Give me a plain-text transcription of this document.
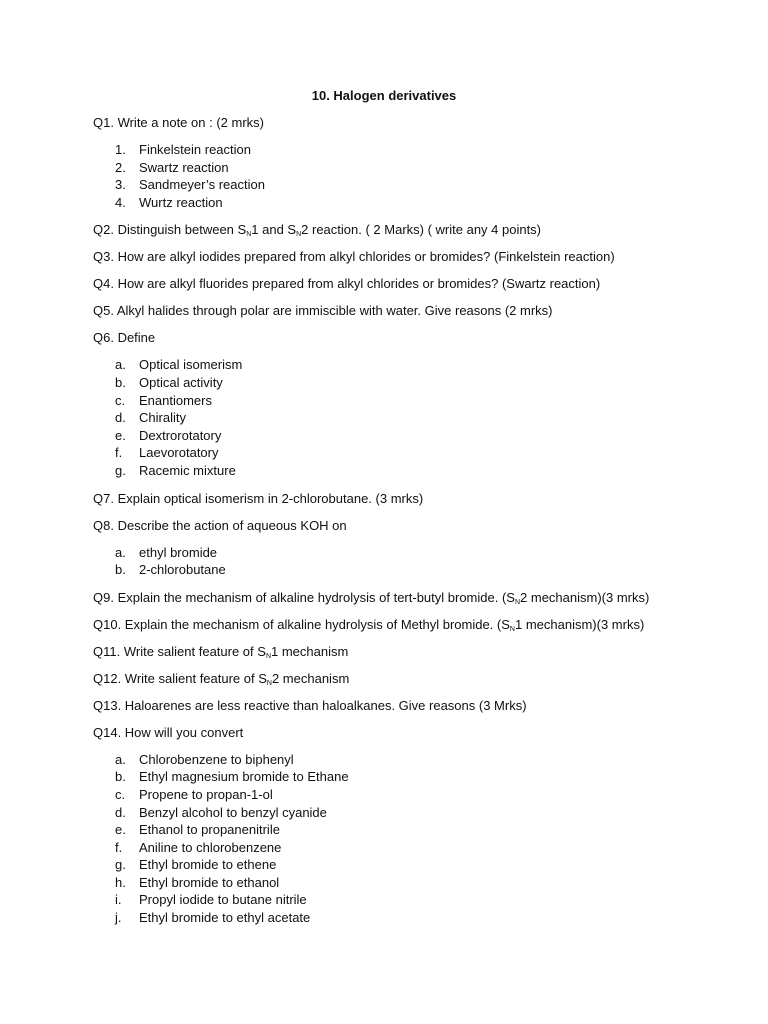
10. Halogen derivatives
Q1. Write a note on : (2 mrks)
1.	Finkelstein reaction
2.	Swartz reaction
3.	Sandmeyer’s reaction
4.	Wurtz reaction
Q2. Distinguish between $S_N1$ and $S_N2$ reaction. ( 2 Marks) ( write any 4 points)
Q3. How are alkyl iodides prepared from alkyl chlorides or bromides? (Finkelstein reaction)
Q4. How are alkyl fluorides prepared from alkyl chlorides or bromides? (Swartz reaction)
Q5. Alkyl halides through polar are immiscible with water. Give reasons (2 mrks)
Q6. Define
a.	Optical isomerism
b.	Optical activity
c.	Enantiomers
d.	Chirality
e.	Dextrorotatory
f.	Laevorotatory
g.	Racemic mixture
Q7. Explain optical isomerism in 2-chlorobutane. (3 mrks)
Q8. Describe the action of aqueous KOH on
a.	ethyl bromide
b.	2-chlorobutane
Q9. Explain the mechanism of alkaline hydrolysis of tert-butyl bromide. ($S_N2$ mechanism)(3 mrks)
Q10. Explain the mechanism of alkaline hydrolysis of Methyl bromide. ($S_N1$ mechanism)(3 mrks)
Q11. Write salient feature of $S_N1$ mechanism
Q12. Write salient feature of $S_N2$ mechanism
Q13. Haloarenes are less reactive than haloalkanes. Give reasons (3 Mrks)
Q14. How will you convert
a.	Chlorobenzene to biphenyl
b.	Ethyl magnesium bromide to Ethane
c.	Propene to propan-1-ol
d.	Benzyl alcohol to benzyl cyanide
e.	Ethanol to propanenitrile
f.	Aniline to chlorobenzene
g.	Ethyl bromide to ethene
h.	Ethyl bromide to ethanol
i.	Propyl iodide to butane nitrile
j.	Ethyl bromide to ethyl acetate
